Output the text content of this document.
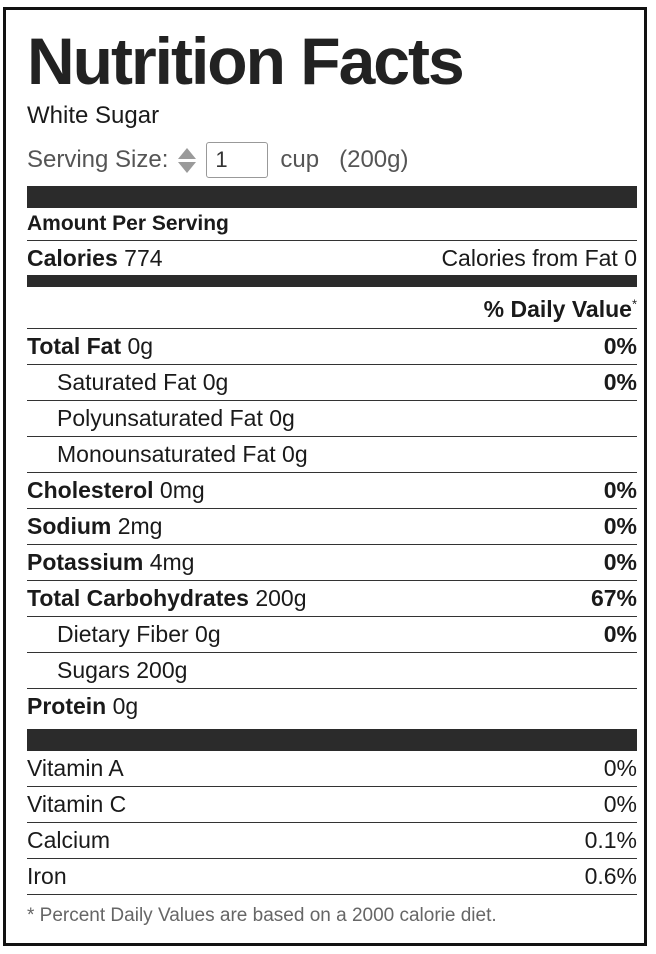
Nutrition Facts
White Sugar
Serving Size:
1	cup (200g)
Amount Per Serving
Calories 774	Calories from Fat 0
% Daily Value*
Total Fat 0g	0%
Saturated Fat 0g	0%
Polyunsaturated Fat 0g
Monounsaturated Fat 0g
Cholesterol 0mg	0%
Sodium 2mg	0%
Potassium 4mg	0%
Total Carbohydrates 200g	67%
Dietary Fiber 0g	0%
Sugars 200g
Protein 0g
Vitamin A	0%
Vitamin C	0%
Calcium	0.1%
Iron	0.6%
* Percent Daily Values are based on a 2000 calorie diet.
